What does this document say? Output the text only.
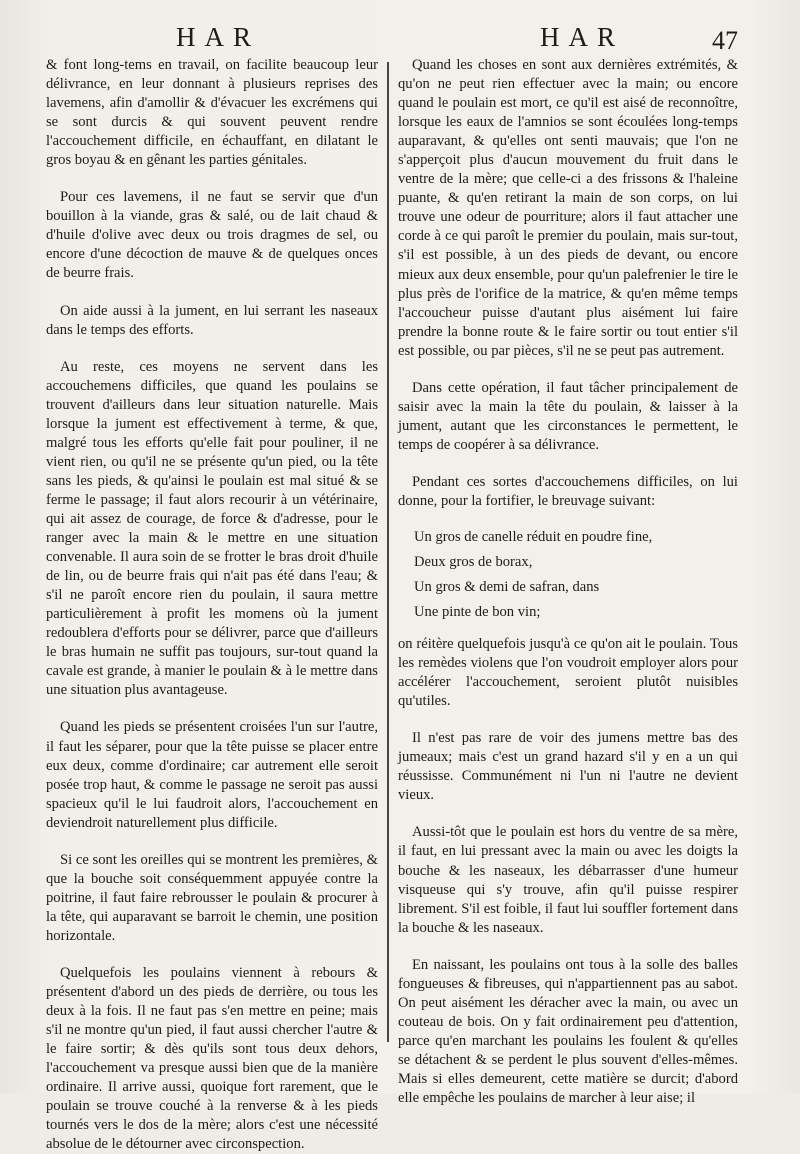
HAR	HAR	47

& font long-tems en travail, on facilite beaucoup leur délivrance, en leur donnant à plusieurs reprises des lavemens, afin d'amollir & d'évacuer les excrémens qui se sont durcis & qui souvent peuvent rendre l'accouchement difficile, en échauffant, en dilatant le gros boyau & en gênant les parties génitales.

Pour ces lavemens, il ne faut se servir que d'un bouillon à la viande, gras & salé, ou de lait chaud & d'huile d'olive avec deux ou trois dragmes de sel, ou encore d'une décoction de mauve & de quelques onces de beurre frais.

On aide aussi à la jument, en lui serrant les naseaux dans le temps des efforts.

Au reste, ces moyens ne servent dans les accouchemens difficiles, que quand les poulains se trouvent d'ailleurs dans leur situation naturelle. Mais lorsque la jument est effectivement à terme, & que, malgré tous les efforts qu'elle fait pour pouliner, il ne vient rien, ou qu'il ne se présente qu'un pied, ou la tête sans les pieds, & qu'ainsi le poulain est mal situé & se ferme le passage; il faut alors recourir à un vétérinaire, qui ait assez de courage, de force & d'adresse, pour le ranger avec la main & le mettre en une situation convenable. Il aura soin de se frotter le bras droit d'huile de lin, ou de beurre frais qui n'ait pas été dans l'eau; & s'il ne paroît encore rien du poulain, il saura mettre particulièrement à profit les momens où la jument redoublera d'efforts pour se délivrer, parce que d'ailleurs le bras humain ne suffit pas toujours, sur-tout quand la cavale est grande, à manier le poulain & à le mettre dans une situation plus avantageuse.

Quand les pieds se présentent croisées l'un sur l'autre, il faut les séparer, pour que la tête puisse se placer entre eux deux, comme d'ordinaire; car autrement elle seroit posée trop haut, & comme le passage ne seroit pas aussi spacieux qu'il le lui faudroit alors, l'accouchement en deviendroit naturellement plus difficile.

Si ce sont les oreilles qui se montrent les premières, & que la bouche soit conséquemment appuyée contre la poitrine, il faut faire rebrousser le poulain & procurer à la tête, qui auparavant se barroit le chemin, une position horizontale.

Quelquefois les poulains viennent à rebours & présentent d'abord un des pieds de derrière, ou tous les deux à la fois. Il ne faut pas s'en mettre en peine; mais s'il ne montre qu'un pied, il faut aussi chercher l'autre & le faire sortir; & dès qu'ils sont tous deux dehors, l'accouchement va presque aussi bien que de la manière ordinaire. Il arrive aussi, quoique fort rarement, que le poulain se trouve couché à la renverse & à les pieds tournés vers le dos de la mère; alors c'est une nécessité absolue de le détourner avec circonspection.

Quand les choses en sont aux dernières extrémités, & qu'on ne peut rien effectuer avec la main; ou encore quand le poulain est mort, ce qu'il est aisé de reconnoître, lorsque les eaux de l'amnios se sont écoulées long-temps auparavant, & qu'elles ont senti mauvais; que l'on ne s'apperçoit plus d'aucun mouvement du fruit dans le ventre de la mère; que celle-ci a des frissons & l'haleine puante, & qu'en retirant la main de son corps, on lui trouve une odeur de pourriture; alors il faut attacher une corde à ce qui paroît le premier du poulain, mais sur-tout, s'il est possible, à un des pieds de devant, ou encore mieux aux deux ensemble, pour qu'un palefrenier le tire le plus près de l'orifice de la matrice, & qu'en même temps l'accoucheur puisse d'autant plus aisément lui faire prendre la bonne route & le faire sortir ou tout entier s'il est possible, ou par pièces, s'il ne se peut pas autrement.

Dans cette opération, il faut tâcher principalement de saisir avec la main la tête du poulain, & laisser à la jument, autant que les circonstances le permettent, le temps de coopérer à sa délivrance.

Pendant ces sortes d'accouchemens difficiles, on lui donne, pour la fortifier, le breuvage suivant:

Un gros de canelle réduit en poudre fine,

Deux gros de borax,

Un gros & demi de safran, dans

Une pinte de bon vin;

on réitère quelquefois jusqu'à ce qu'on ait le poulain. Tous les remèdes violens que l'on voudroit employer alors pour accélérer l'accouchement, seroient plutôt nuisibles qu'utiles.

Il n'est pas rare de voir des jumens mettre bas des jumeaux; mais c'est un grand hazard s'il y en a un qui réussisse. Communément ni l'un ni l'autre ne devient vieux.

Aussi-tôt que le poulain est hors du ventre de sa mère, il faut, en lui pressant avec la main ou avec les doigts la bouche & les naseaux, les débarrasser d'une humeur visqueuse qui s'y trouve, afin qu'il puisse respirer librement. S'il est foible, il faut lui souffler fortement dans la bouche & les naseaux.

En naissant, les poulains ont tous à la solle des balles fongueuses & fibreuses, qui n'appartiennent pas au sabot. On peut aisément les déracher avec la main, ou avec un couteau de bois. On y fait ordinairement peu d'attention, parce qu'en marchant les poulains les foulent & qu'elles se détachent & se perdent le plus souvent d'elles-mêmes. Mais si elles demeurent, cette matière se durcit; d'abord elle empêche les poulains de marcher à leur aise; il
